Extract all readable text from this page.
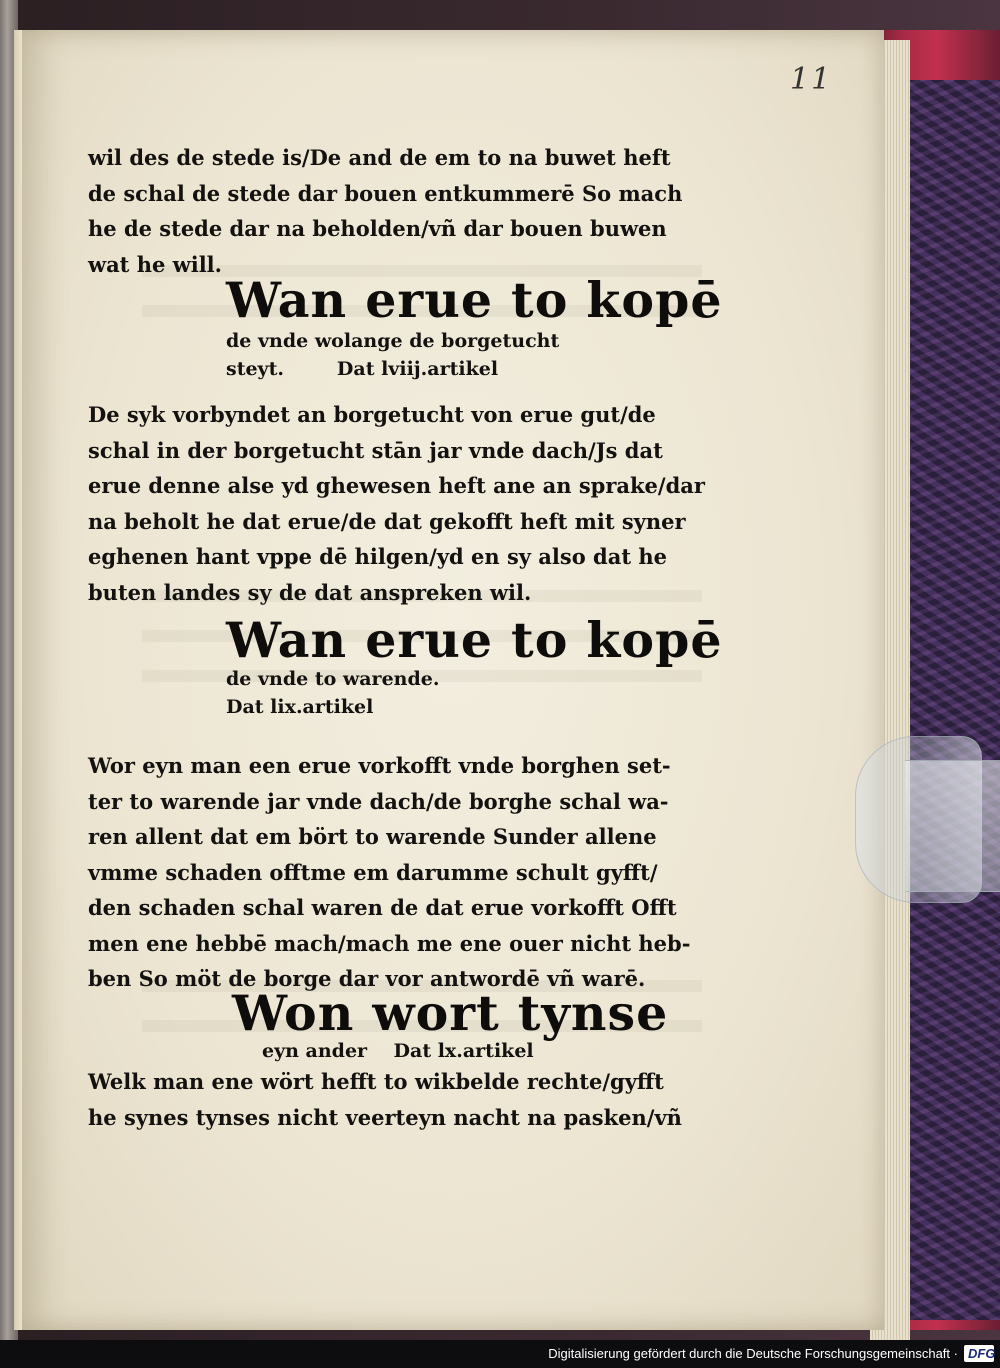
11
wil des de stede is/De and de em to na buwet heft
de schal de stede dar bouen entkummerē So mach
he de stede dar na beholden/vñ dar bouen buwen
wat he will.
Wan erue to kopē
de vnde wolange de borgetucht
steyt.        Dat lviij.artikel
De syk vorbyndet an borgetucht von erue gut/de
schal in der borgetucht stān jar vnde dach/Js dat
erue denne alse yd ghewesen heft ane an sprake/dar
na beholt he dat erue/de dat gekofft heft mit syner
eghenen hant vppe dē hilgen/yd en sy also dat he
buten landes sy de dat anspreken wil.
Wan erue to kopē
de vnde to warende.
Dat lix.artikel
Wor eyn man een erue vorkofft vnde borghen set-
ter to warende jar vnde dach/de borghe schal wa-
ren allent dat em bört to warende Sunder allene
vmme schaden offtme em darumme schult gyfft/
den schaden schal waren de dat erue vorkofft Offt
men ene hebbē mach/mach me ene ouer nicht heb-
ben So möt de borge dar vor antwordē vñ warē.
Won wort tynse
eyn ander    Dat lx.artikel
Welk man ene wört hefft to wikbelde rechte/gyfft
he synes tynses nicht veerteyn nacht na pasken/vñ
Digitalisierung gefördert durch die Deutsche Forschungsgemeinschaft · DFG
